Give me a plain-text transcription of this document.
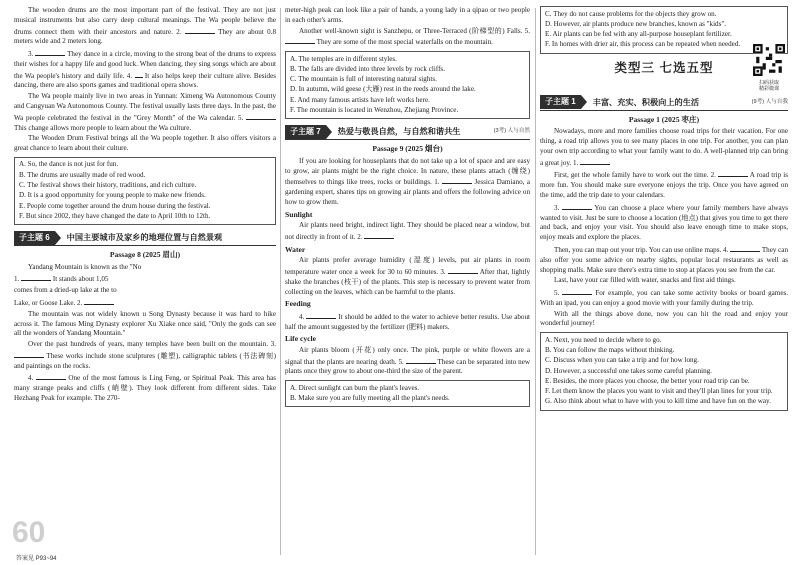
The wooden drums are the most important part of the festival. They are not just musical instruments but also carry deep cultural meanings. The Wa people believe the drums connect them with their ancestors and nature. 2.	They are about 0.8 meters wide and 2 meters long.

3.	They dance in a circle, moving to the strong beat of the drums to express their wishes for a happy life and good luck. When dancing, they sing songs which are about the Wa people's history and daily life. 4. It also helps keep their culture alive. Besides dancing, there are also sports games and traditional opera shows.

The Wa people mainly live in two areas in Yunnan: Ximeng Wa Autonomous County and Cangyuan Wa Autonomous County. The festival usually lasts three days. In the past, the Wa people celebrated the festival in the "Grey Month" of the Wa calendar. 5.  This change allows more people to learn about the Wa culture.

The Wooden Drum Festival brings all the Wa people together. It also offers visitors a great chance to learn about their culture.

A. So, the dance is not just for fun.
B. The drums are usually made of red wood.
C. The festival shows their history, traditions, and rich culture.
D. It is a good opportunity for young people to make new friends.
E. People come together around the drum house during the festival.
F. But since 2002, they have changed the date to April 10th to 12th.
子主题 6	中国主要城市及家乡的地理位置与自然景观
Passage 8 (2025 眉山)

Yandang Mountain is known as the "No

1.	It stands about 1,05

comes from a dried-up lake at the to

Lake, or Goose Lake. 2.

The mountain was not widely known u Song Dynasty because it was hard to hike across it. The famous Ming Dynasty explorer Xu Xiake once said, "Only the gods can see all the wonders of Yandang Mountain."

Over the past hundreds of years, many temples have been built on the mountain. 3.  These works include stone sculptures (雕塑), calligraphic tablets (书法碑刻) and paintings on the rocks.

4.	One of the most famous is Ling Feng, or Spiritual Peak. This area has many strange peaks and cliffs (峭壁). They look different from different sides. Take Hezhang Peak for example. The 270-

meter-high peak can look like a pair of hands, a young lady in a qipao or two people in each other's arms.

Another well-known sight is Sanzhepu, or Three-Terraced (阶梯型的) Falls. 5.  They are some of the most special waterfalls on the mountain.

A. The temples are in different styles.
B. The falls are divided into three levels by rock cliffs.
C. The mountain is full of interesting natural sights.
D. In autumn, wild geese (大雁) rest in the reeds around the lake.
E. And many famous artists have left works here.
F. The mountain is located in Wenzhou, Zhejiang Province.
子主题 7	热爱与敬畏自然，与自然和谐共生	(3考) 人与自然
Passage 9 (2025 烟台)

If you are looking for houseplants that do not take up a lot of space and are easy to grow, air plants might be the right choice. In nature, these plants attach (缠绕) themselves to things like trees, rocks or buildings. 1.	Jessica Damiano, a gardening expert, shares tips on growing air plants and offers the following advice on how to grow them.

Sunlight

Air plants need bright, indirect light. They should be placed near a window, but not directly in front of it. 2.

Water

Air plants prefer average humidity (湿度) levels, put air plants in room temperature water once a week for 30 to 60 minutes. 3.	After that, lightly shake the branches (枝干) of the plants. This step is necessary to prevent water from collecting on the leaves, which can be harmful to the plants.

Feeding

4.	It should be added to the water to achieve better results. Use about half the amount suggested by the fertilizer (肥料) makers.

Life cycle

Air plants bloom (开花) only once. The pink, purple or white flowers are a signal that the plants are nearing death. 5.	These can be separated into new plants once they grow to about one-third the size of the parent.

A. Direct sunlight can burn the plant's leaves.
B. Make sure you are fully meeting all the plant's needs.
C. They do not cause problems for the objects they grow on.
D. However, air plants produce new branches, known as "kids".
E. Air plants can be fed with any all-purpose houseplant fertilizer.
F. In homes with drier air, this process can be repeated when needed.
类型三 七选五型
扫码获取
精彩微课
子主题 1	丰富、充实、积极向上的生活	(9考) 人与自我
Passage 1 (2025 枣庄)

Nowadays, more and more families choose road trips for their vacation. For one thing, a road trip allows you to see many places in one trip. For another, you can plan your own trip according to what your family want to do. A well-planned trip can bring a great joy. 1.

First, get the whole family have to work out the time. 2.	A road trip is more fun. You should make sure everyone enjoys the trip. Once you have agreed on the time, add the trip date to your calendars.

3.	You can choose a place where your family members have always wanted to visit. Just be sure to choose a location (地点) that gives you time to get there and back, and enjoy your visit. You should also leave enough time to make stops, enjoy meals and explore the places.

Then, you can map out your trip. You can use online maps. 4.	They can also offer you some advice on nearby sights, popular local restaurants as well as shopping malls. Make sure there's extra time to stop at places you see from the car.

Last, have your car filled with water, snacks and first aid things.

5.	For example, you can take some activity books or board games. With an ipad, you can enjoy a good movie with your family during the trip.

With all the things above done, now you can hit the road and enjoy your wonderful journey!

A. Next, you need to decide where to go.
B. You can follow the maps without thinking.
C. Discuss when you can take a trip and for how long.
D. However, a successful one takes some careful planning.
E. Besides, the more places you choose, the better your road trip can be.
F. Let them know the places you want to visit and they'll plan lines for your trip.
G. Also think about what to have with you to kill time and have fun on the way.
60
答案见 P93~94
